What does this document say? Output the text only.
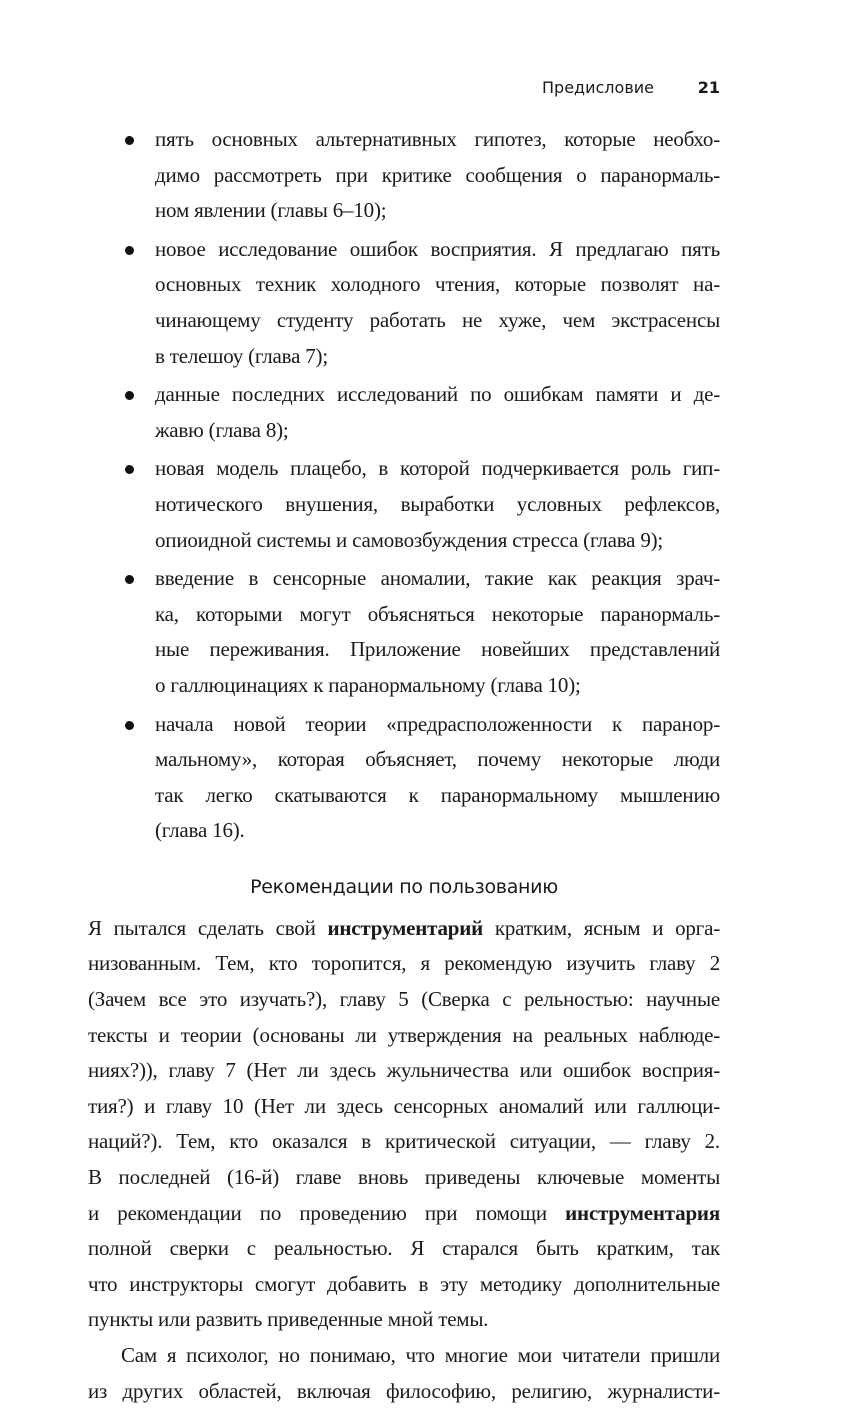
Предисловие	21
пять основных альтернативных гипотез, которые необхо-
димо рассмотреть при критике сообщения о паранормаль-
ном явлении (главы 6–10);
новое исследование ошибок восприятия. Я предлагаю пять
основных техник холодного чтения, которые позволят на-
чинающему студенту работать не хуже, чем экстрасенсы
в телешоу (глава 7);
данные последних исследований по ошибкам памяти и де-
жавю (глава 8);
новая модель плацебо, в которой подчеркивается роль гип-
нотического внушения, выработки условных рефлексов,
опиоидной системы и самовозбуждения стресса (глава 9);
введение в сенсорные аномалии, такие как реакция зрач-
ка, которыми могут объясняться некоторые паранормаль-
ные переживания. Приложение новейших представлений
о галлюцинациях к паранормальному (глава 10);
начала новой теории «предрасположенности к паранор-
мальному», которая объясняет, почему некоторые люди
так легко скатываются к паранормальному мышлению
(глава 16).
Рекомендации по пользованию
Я пытался сделать свой инструментарий кратким, ясным и орга-
низованным. Тем, кто торопится, я рекомендую изучить главу 2
(Зачем все это изучать?), главу 5 (Сверка с рельностью: научные
тексты и теории (основаны ли утверждения на реальных наблюде-
ниях?)), главу 7 (Нет ли здесь жульничества или ошибок восприя-
тия?) и главу 10 (Нет ли здесь сенсорных аномалий или галлюци-
наций?). Тем, кто оказался в критической ситуации, — главу 2.
В последней (16-й) главе вновь приведены ключевые моменты
и рекомендации по проведению при помощи инструментария
полной сверки с реальностью. Я старался быть кратким, так
что инструкторы смогут добавить в эту методику дополнительные
пункты или развить приведенные мной темы.
Сам я психолог, но понимаю, что многие мои читатели пришли
из других областей, включая философию, религию, журналисти-
